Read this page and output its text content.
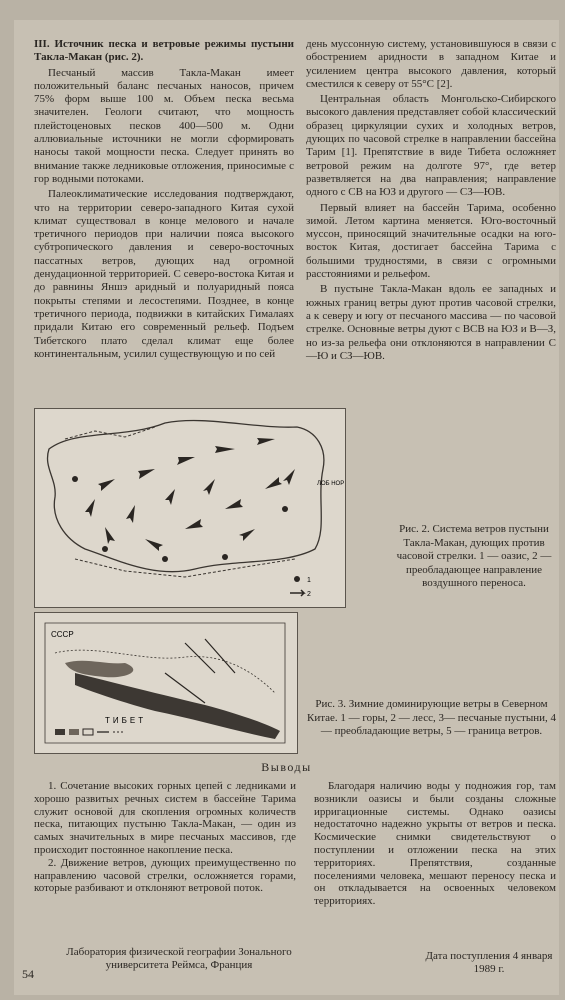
III. Источник песка и ветровые режимы пустыни Такла-Макан (рис. 2).

Песчаный массив Такла-Макан имеет положительный баланс песчаных наносов, причем 75% форм выше 100 м. Объем песка весьма значителен. Геологи считают, что мощность плейстоценовых песков 400—500 м. Одни аллювиальные источники не могли сформировать наносы такой мощности песка. Следует принять во внимание также ледниковые отложения, приносимые с гор водными потоками.

Палеоклиматические исследования подтверждают, что на территории северо-западного Китая сухой климат существовал в конце мелового и начале третичного периодов при наличии пояса высокого субтропического давления и северо-восточных пассатных ветров, дующих над огромной денудационной территорией. С северо-востока Китая и до равнины Яншэ аридный и полуаридный пояса покрыты степями и лесостепями. Позднее, в конце третичного периода, подвижки в китайских Гималаях придали Китаю его современный рельеф. Подъем Тибетского плато сделал климат еще более континентальным, усилил существующую и по сей

день муссонную систему, установившуюся в связи с обострением аридности в западном Китае и усилением центра высокого давления, который сместился к северу от 55°С [2].

Центральная область Монгольско-Сибирского высокого давления представляет собой классический образец циркуляции сухих и холодных ветров, дующих по часовой стрелке в направлении бассейна Тарим [1]. Препятствие в виде Тибета осложняет ветровой режим на долготе 97°, где ветер разветвляется на два направления; направление одного с СВ на ЮЗ и другого — СЗ—ЮВ.

Первый влияет на бассейн Тарима, особенно зимой. Летом картина меняется. Юго-восточный муссон, приносящий значительные осадки на юго-восток Китая, достигает бассейна Тарима с большими трудностями, в связи с огромными расстояниями и рельефом.

В пустыне Такла-Макан вдоль ее западных и южных границ ветры дуют против часовой стрелки, а к северу и югу от песчаного массива — по часовой стрелке. Основные ветры дуют с ВСВ на ЮЗ и В—З, но из-за рельефа они отклоняются в направлении С—Ю и СЗ—ЮВ.

ЛОБ НОР
1
2
Рис. 2. Система ветров пустыни Такла-Макан, дующих против часовой стрелки. 1 — оазис, 2 — преобладающее направление воздушного переноса.
СССР
ТИБЕТ
Рис. 3. Зимние доминирующие ветры в Северном Китае. 1 — горы, 2 — лесс, 3— песчаные пустыни, 4 — преобладающие ветры, 5 — граница ветров.
Выводы

1. Сочетание высоких горных цепей с ледниками и хорошо развитых речных систем в бассейне Тарима служит основой для скопления огромных количеств песка, питающих пустыню Такла-Макан, — один из самых значительных в мире песчаных массивов, где происходит постоянное накопление песка.

2. Движение ветров, дующих преимущественно по направлению часовой стрелки, осложняется горами, которые разбивают и отклоняют ветровой поток.

Благодаря наличию воды у подножия гор, там возникли оазисы и были созданы сложные ирригационные системы. Однако оазисы недостаточно надежно укрыты от ветров и песка. Космические снимки свидетельствуют о поступлении и отложении песка на этих территориях. Препятствия, созданные поселениями человека, мешают переносу песка и он откладывается на освоенных человеком территориях.

Лаборатория физической географии Зонального университета Реймса, Франция
Дата поступления 4 января 1989 г.
54
